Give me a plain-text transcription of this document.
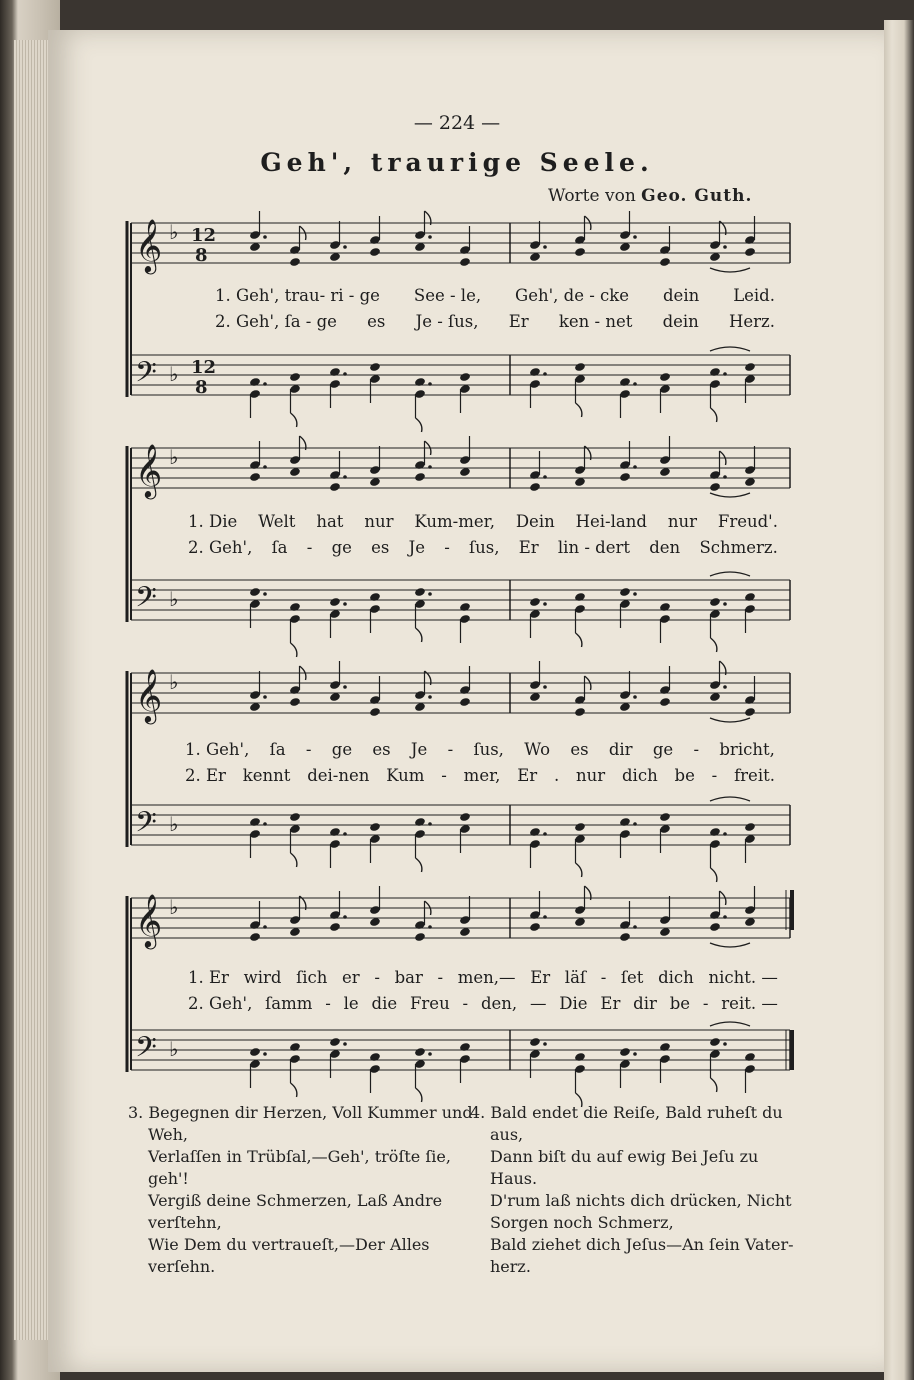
— 224 —
Geh', traurige Seele.
Worte von Geo. Guth.
𝄞 ♭ 12
8
𝄢 ♭ 12
8
𝄞 ♭
𝄢 ♭
𝄞 ♭
𝄢 ♭
𝄞 ♭
𝄢 ♭
1. Geh', trau- ri - ge See - le, Geh', de - cke dein Leid.
2. Geh', ſa - ge es Je - ſus, Er ken - net dein Herz.
1. Die Welt hat nur Kum-mer, Dein Hei-land nur Freud'.
2. Geh', ſa - ge es Je - ſus, Er lin - dert den Schmerz.
1. Geh', ſa - ge es Je - ſus, Wo es dir ge - bricht,
2. Er kennt dei-nen Kum - mer, Er . nur dich be - freit.
1. Er wird ſich er - bar - men,— Er läſ - ſet dich nicht. —
2. Geh', ſamm - le die Freu - den, — Die Er dir be - reit. —
3. Begegnen dir Herzen, Voll Kummer und
Weh,
Verlaſſen in Trübſal,—Geh', tröſte ſie,
geh'!
Vergiß deine Schmerzen, Laß Andre
verſtehn,
Wie Dem du vertraueſt,—Der Alles
verſehn.
4. Bald endet die Reiſe, Bald ruheſt du
aus,
Dann biſt du auf ewig Bei Jeſu zu
Haus.
D'rum laß nichts dich drücken, Nicht
Sorgen noch Schmerz,
Bald ziehet dich Jeſus—An ſein Vater-
herz.
